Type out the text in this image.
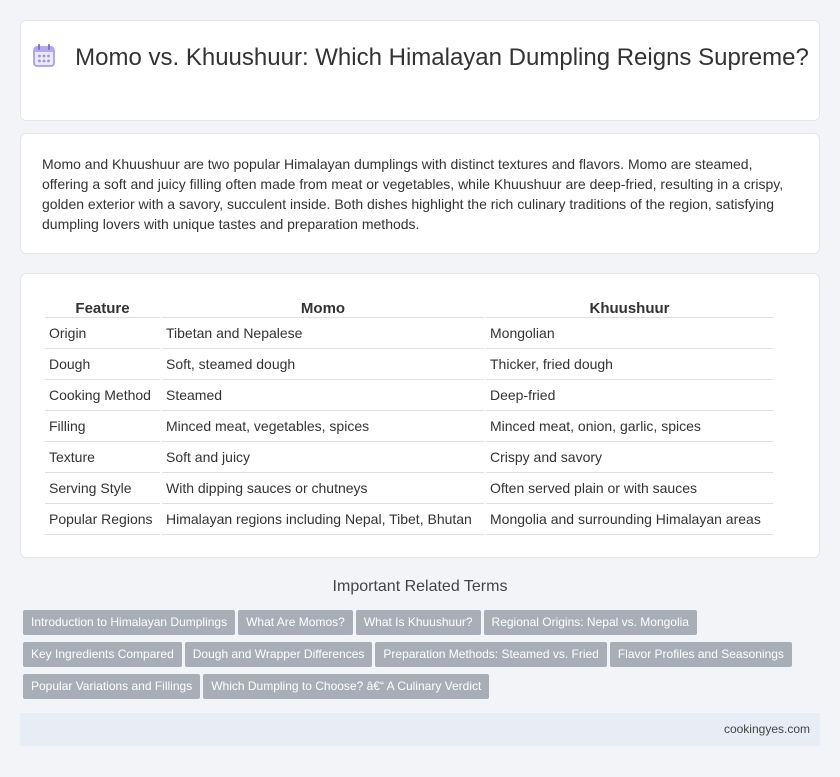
Momo vs. Khuushuur: Which Himalayan Dumpling Reigns Supreme?

Momo and Khuushuur are two popular Himalayan dumplings with distinct textures and flavors. Momo are steamed, offering a soft and juicy filling often made from meat or vegetables, while Khuushuur are deep-fried, resulting in a crispy, golden exterior with a savory, succulent inside. Both dishes highlight the rich culinary traditions of the region, satisfying dumpling lovers with unique tastes and preparation methods.

Feature	Momo	Khuushuur
Origin	Tibetan and Nepalese	Mongolian
Dough	Soft, steamed dough	Thicker, fried dough
Cooking Method	Steamed	Deep-fried
Filling	Minced meat, vegetables, spices	Minced meat, onion, garlic, spices
Texture	Soft and juicy	Crispy and savory
Serving Style	With dipping sauces or chutneys	Often served plain or with sauces
Popular Regions	Himalayan regions including Nepal, Tibet, Bhutan	Mongolia and surrounding Himalayan areas
Important Related Terms
Introduction to Himalayan Dumplings What Are Momos? What Is Khuushuur? Regional Origins: Nepal vs. Mongolia
Key Ingredients Compared Dough and Wrapper Differences Preparation Methods: Steamed vs. Fried Flavor Profiles and Seasonings
Popular Variations and Fillings Which Dumpling to Choose? â€“ A Culinary Verdict
cookingyes.com
